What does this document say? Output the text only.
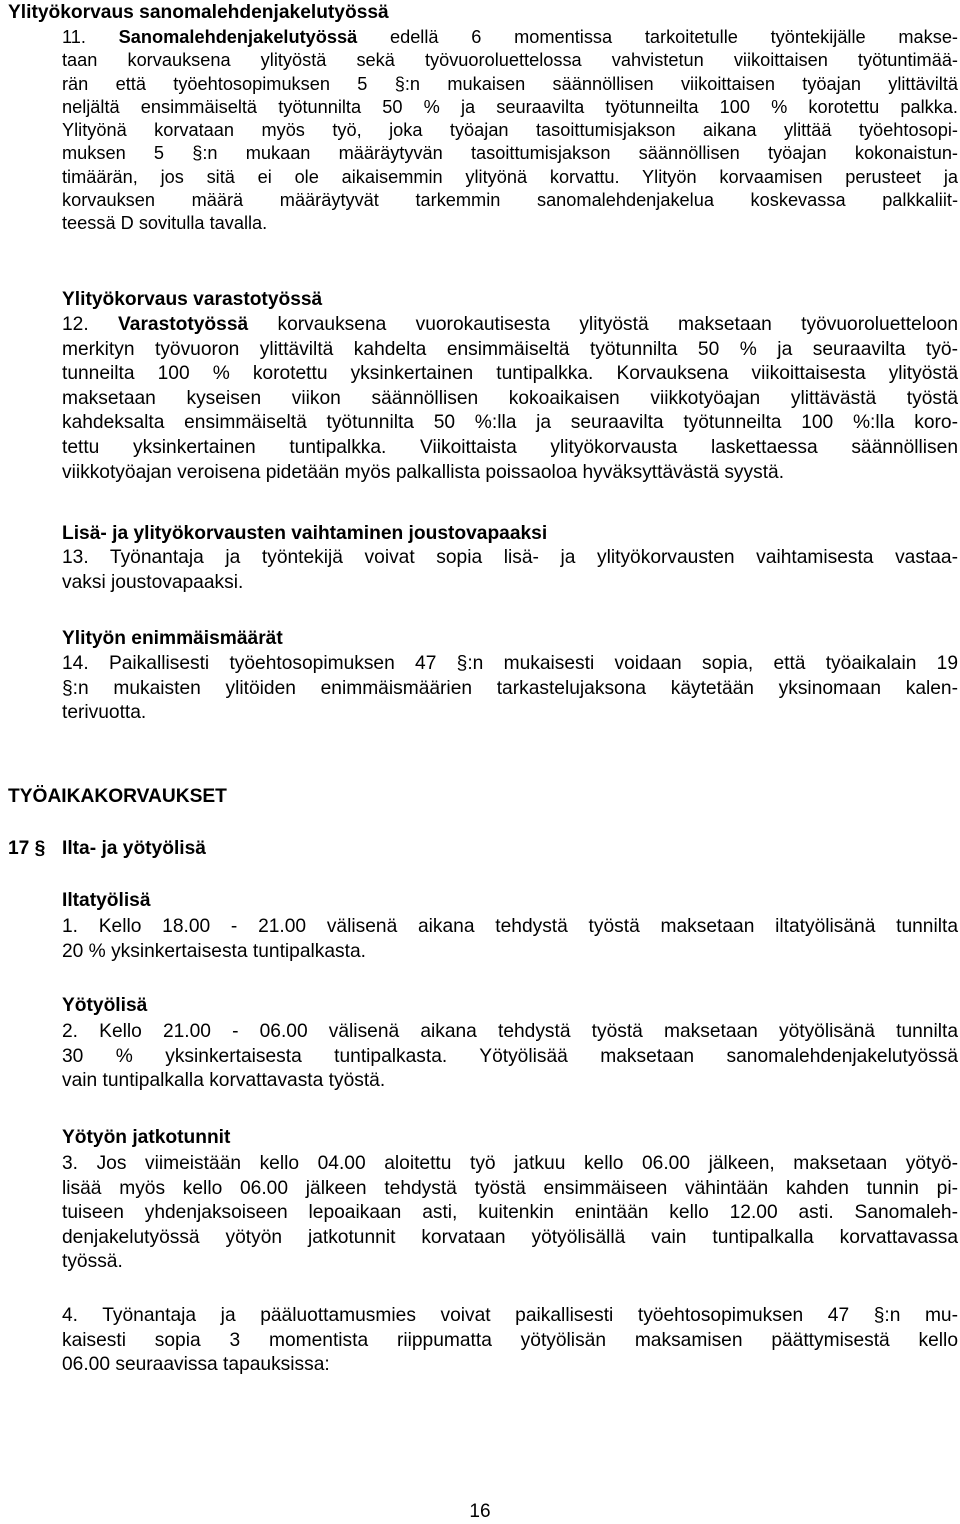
Ylityökorvaus sanomalehdenjakelutyössä
11. Sanomalehdenjakelutyössä edellä 6 momentissa tarkoitetulle työntekijälle makse-
taan korvauksena ylityöstä sekä työvuoroluettelossa vahvistetun viikoittaisen työtuntimää-
rän että työehtosopimuksen 5 §:n mukaisen säännöllisen viikoittaisen työajan ylittäviltä
neljältä ensimmäiseltä työtunnilta 50 % ja seuraavilta työtunneilta 100 % korotettu palkka.
Ylityönä korvataan myös työ, joka työajan tasoittumisjakson aikana ylittää työehtosopi-
muksen 5 §:n mukaan määräytyvän tasoittumisjakson säännöllisen työajan kokonaistun-
timäärän, jos sitä ei ole aikaisemmin ylityönä korvattu. Ylityön korvaamisen perusteet ja
korvauksen määrä määräytyvät tarkemmin sanomalehdenjakelua koskevassa palkkaliit-
teessä D sovitulla tavalla.
Ylityökorvaus varastotyössä
12. Varastotyössä korvauksena vuorokautisesta ylityöstä maksetaan työvuoroluetteloon
merkityn työvuoron ylittäviltä kahdelta ensimmäiseltä työtunnilta 50 % ja seuraavilta työ-
tunneilta 100 % korotettu yksinkertainen tuntipalkka. Korvauksena viikoittaisesta ylityöstä
maksetaan kyseisen viikon säännöllisen kokoaikaisen viikkotyöajan ylittävästä työstä
kahdeksalta ensimmäiseltä työtunnilta 50 %:lla ja seuraavilta työtunneilta 100 %:lla koro-
tettu yksinkertainen tuntipalkka. Viikoittaista ylityökorvausta laskettaessa säännöllisen
viikkotyöajan veroisena pidetään myös palkallista poissaoloa hyväksyttävästä syystä.
Lisä- ja ylityökorvausten vaihtaminen joustovapaaksi
13. Työnantaja ja työntekijä voivat sopia lisä- ja ylityökorvausten vaihtamisesta vastaa-
vaksi joustovapaaksi.
Ylityön enimmäismäärät
14. Paikallisesti työehtosopimuksen 47 §:n mukaisesti voidaan sopia, että työaikalain 19
§:n mukaisten ylitöiden enimmäismäärien tarkastelujaksona käytetään yksinomaan kalen-
terivuotta.
TYÖAIKAKORVAUKSET
17 § Ilta- ja yötyölisä
Iltatyölisä
1. Kello 18.00 - 21.00 välisenä aikana tehdystä työstä maksetaan iltatyölisänä tunnilta
20 % yksinkertaisesta tuntipalkasta.
Yötyölisä
2. Kello 21.00 - 06.00 välisenä aikana tehdystä työstä maksetaan yötyölisänä tunnilta
30 % yksinkertaisesta tuntipalkasta. Yötyölisää maksetaan sanomalehdenjakelutyössä
vain tuntipalkalla korvattavasta työstä.
Yötyön jatkotunnit
3. Jos viimeistään kello 04.00 aloitettu työ jatkuu kello 06.00 jälkeen, maksetaan yötyö-
lisää myös kello 06.00 jälkeen tehdystä työstä ensimmäiseen vähintään kahden tunnin pi-
tuiseen yhdenjaksoiseen lepoaikaan asti, kuitenkin enintään kello 12.00 asti. Sanomaleh-
denjakelutyössä yötyön jatkotunnit korvataan yötyölisällä vain tuntipalkalla korvattavassa
työssä.
4. Työnantaja ja pääluottamusmies voivat paikallisesti työehtosopimuksen 47 §:n mu-
kaisesti sopia 3 momentista riippumatta yötyölisän maksamisen päättymisestä kello
06.00 seuraavissa tapauksissa:
16
